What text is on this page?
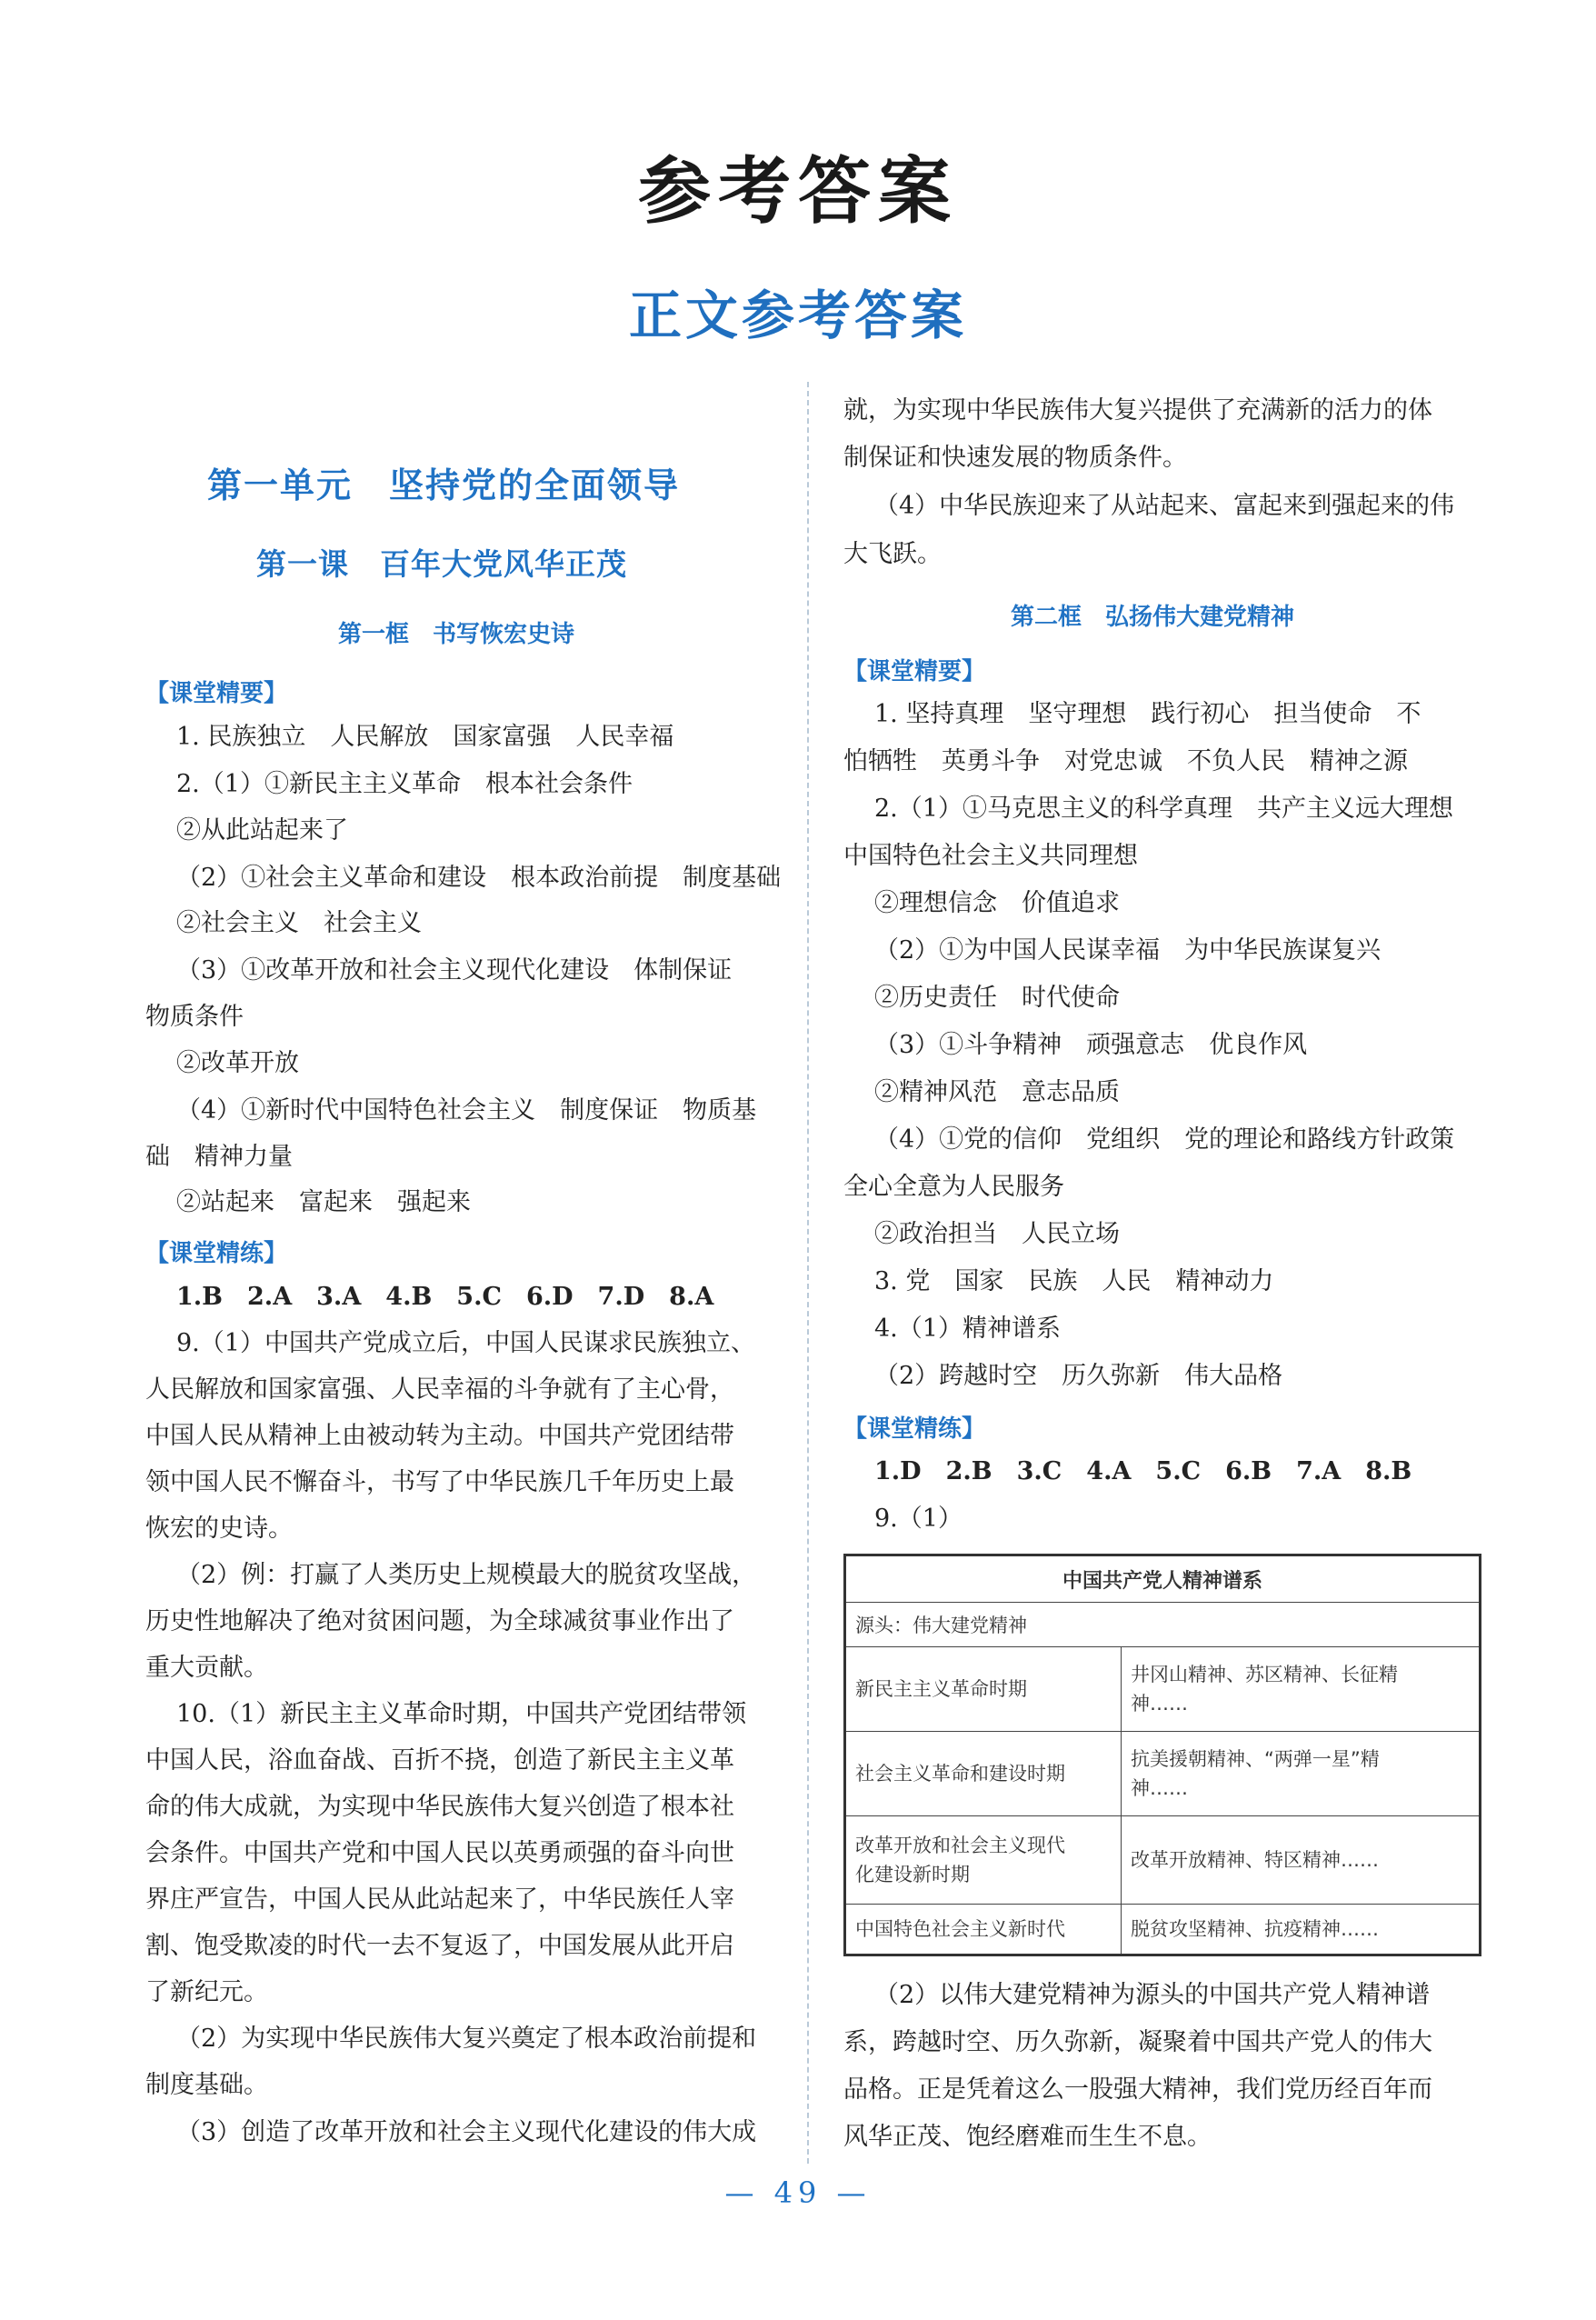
参考答案
正文参考答案
第一单元　坚持党的全面领导
第一课　百年大党风华正茂
第一框　书写恢宏史诗
【课堂精要】
1. 民族独立　人民解放　国家富强　人民幸福
2.（1）①新民主主义革命　根本社会条件
②从此站起来了
（2）①社会主义革命和建设　根本政治前提　制度基础
②社会主义　社会主义
（3）①改革开放和社会主义现代化建设　体制保证
物质条件
②改革开放
（4）①新时代中国特色社会主义　制度保证　物质基
础　精神力量
②站起来　富起来　强起来
【课堂精练】
1.B　2.A　3.A　4.B　5.C　6.D　7.D　8.A
9.（1）中国共产党成立后，中国人民谋求民族独立、
人民解放和国家富强、人民幸福的斗争就有了主心骨，
中国人民从精神上由被动转为主动。中国共产党团结带
领中国人民不懈奋斗，书写了中华民族几千年历史上最
恢宏的史诗。
（2）例：打赢了人类历史上规模最大的脱贫攻坚战，
历史性地解决了绝对贫困问题，为全球减贫事业作出了
重大贡献。
10.（1）新民主主义革命时期，中国共产党团结带领
中国人民，浴血奋战、百折不挠，创造了新民主主义革
命的伟大成就，为实现中华民族伟大复兴创造了根本社
会条件。中国共产党和中国人民以英勇顽强的奋斗向世
界庄严宣告，中国人民从此站起来了，中华民族任人宰
割、饱受欺凌的时代一去不复返了，中国发展从此开启
了新纪元。
（2）为实现中华民族伟大复兴奠定了根本政治前提和
制度基础。
（3）创造了改革开放和社会主义现代化建设的伟大成
就，为实现中华民族伟大复兴提供了充满新的活力的体
制保证和快速发展的物质条件。
（4）中华民族迎来了从站起来、富起来到强起来的伟
大飞跃。
第二框　弘扬伟大建党精神
【课堂精要】
1. 坚持真理　坚守理想　践行初心　担当使命　不
怕牺牲　英勇斗争　对党忠诚　不负人民　精神之源
2.（1）①马克思主义的科学真理　共产主义远大理想
中国特色社会主义共同理想
②理想信念　价值追求
（2）①为中国人民谋幸福　为中华民族谋复兴
②历史责任　时代使命
（3）①斗争精神　顽强意志　优良作风
②精神风范　意志品质
（4）①党的信仰　党组织　党的理论和路线方针政策
全心全意为人民服务
②政治担当　人民立场
3. 党　国家　民族　人民　精神动力
4.（1）精神谱系
（2）跨越时空　历久弥新　伟大品格
【课堂精练】
1.D　2.B　3.C　4.A　5.C　6.B　7.A　8.B
9.（1）
（2）以伟大建党精神为源头的中国共产党人精神谱
系，跨越时空、历久弥新，凝聚着中国共产党人的伟大
品格。正是凭着这么一股强大精神，我们党历经百年而
风华正茂、饱经磨难而生生不息。
中国共产党人精神谱系	
源头：伟大建党精神	
新民主主义革命时期	井冈山精神、苏区精神、长征精
神……

社会主义革命和建设时期	抗美援朝精神、“两弹一星”精
神……

改革开放和社会主义现代
化建设新时期	改革开放精神、特区精神……
中国特色社会主义新时代	脱贫攻坚精神、抗疫精神……
— 49 —
